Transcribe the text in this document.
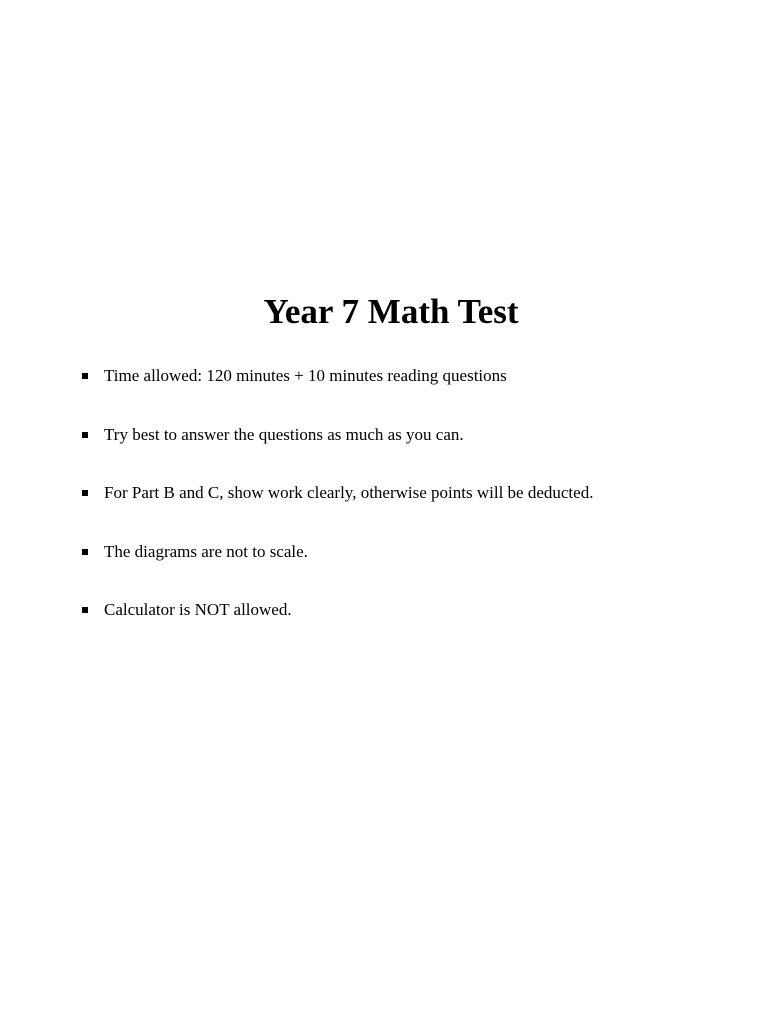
Year 7 Math Test
Time allowed: 120 minutes + 10 minutes reading questions
Try best to answer the questions as much as you can.
For Part B and C, show work clearly, otherwise points will be deducted.
The diagrams are not to scale.
Calculator is NOT allowed.
